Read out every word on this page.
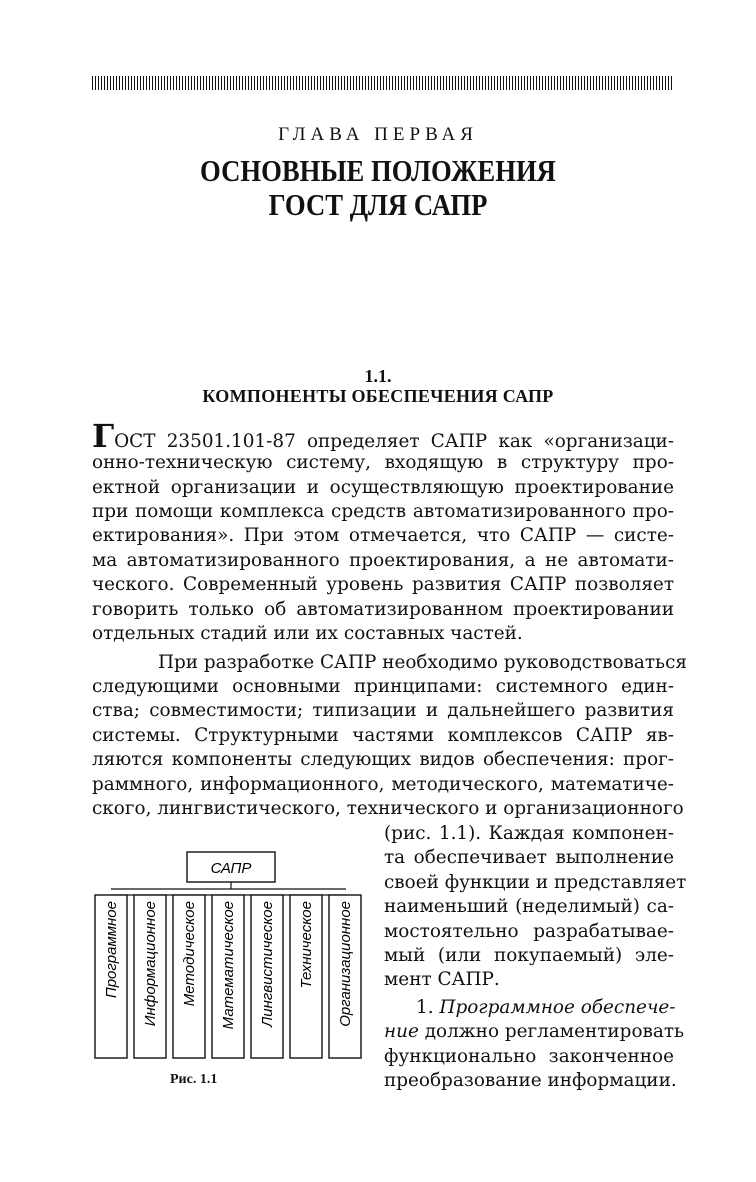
ГЛАВА ПЕРВАЯ
ОСНОВНЫЕ ПОЛОЖЕНИЯ
ГОСТ ДЛЯ САПР
1.1.
КОМПОНЕНТЫ ОБЕСПЕЧЕНИЯ САПР
ГОСТ 23501.101-87 определяет САПР как «организаци-
онно-техническую систему, входящую в структуру про-
ектной организации и осуществляющую проектирование
при помощи комплекса средств автоматизированного про-
ектирования». При этом отмечается, что САПР — систе-
ма автоматизированного проектирования, а не автомати-
ческого. Современный уровень развития САПР позволяет
говорить только об автоматизированном проектировании
отдельных стадий или их составных частей.
При разработке САПР необходимо руководствоваться
следующими основными принципами: системного един-
ства; совместимости; типизации и дальнейшего развития
системы. Структурными частями комплексов САПР яв-
ляются компоненты следующих видов обеспечения: прог-
раммного, информационного, методического, математиче-
ского, лингвистического, технического и организационного
(рис. 1.1). Каждая компонен-
та обеспечивает выполнение
своей функции и представляет
наименьший (неделимый) са-
мостоятельно разрабатывае-
мый (или покупаемый) эле-
мент САПР.
1. Программное обеспече-
ние должно регламентировать
функционально законченное
преобразование информации.
САПР
Программное Информационное Методическое Математическое Лингвистическое Техническое Организационное
Рис. 1.1
